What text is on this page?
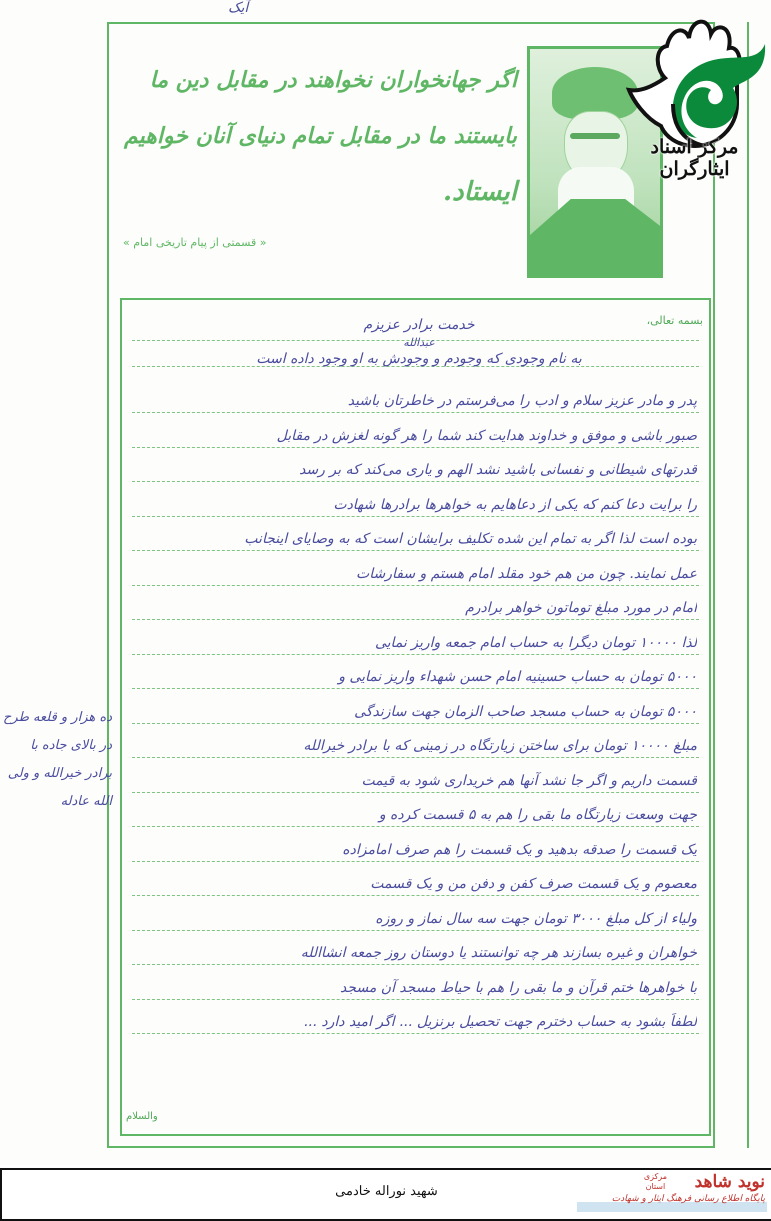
آیک
اگر جهانخواران نخواهند در مقابل دین ما
بایستند ما در مقابل تمام دنیای آنان خواهیم
ایستاد.
« قسمتی از پیام تاریخی امام »
مرکز اسناد ایثارگران
بسمه تعالی،
خدمت برادر عزیزم
عبدالله
به نام وجودی که وجودم و وجودش به او وجود داده است
پدر و مادر عزیز سلام و ادب را می‌فرستم در خاطرتان باشید
صبور باشی و موفق و خداوند هدایت کند شما را هر گونه لغزش در مقابل
قدرتهای شیطانی و نفسانی باشید نشد الهم و یاری می‌کند که بر رسد
را برایت دعا کنم که یکی از دعاهایم به خواهرها برادرها شهادت
بوده است لذا اگر به تمام این شده تکلیف برایشان است که به وصایای اینجانب
عمل نمایند. چون من هم خود مقلد امام هستم و سفارشات
امام در مورد مبلغ توماتون خواهر برادرم
لذا ۱۰۰۰۰ تومان دیگرا به حساب امام جمعه واریز نمایی
۵۰۰۰ تومان به حساب حسینیه امام حسن شهداء واریز نمایی و
۵۰۰۰ تومان به حساب مسجد صاحب الزمان جهت سازندگی
مبلغ ۱۰۰۰۰ تومان برای ساختن زیارتگاه در زمینی که با برادر خیرالله
قسمت داریم و اگر جا نشد آنها هم خریداری شود به قیمت
جهت وسعت زیارتگاه ما بقی را هم به ۵ قسمت کرده و
یک قسمت را صدقه بدهید و یک قسمت را هم صرف امامزاده
معصوم و یک قسمت صرف کفن و دفن من و یک قسمت
ولیاء از کل مبلغ ۳۰۰۰ تومان جهت سه سال نماز و روزه
خواهران و غیره بسازند هر چه توانستند یا دوستان روز جمعه انشاالله
با خواهرها ختم قرآن و ما بقی را هم با حیاط مسجد آن مسجد
لطفاً بشود به حساب دخترم جهت تحصیل برنزیل ... اگر امید دارد ...
والسلام
ده هزار و قلعه طرح در بالای جاده با برادر خیرالله و ولی الله عادله
شهید نوراله خادمی	نوید شاهد
پایگاه اطلاع رسانی فرهنگ ایثار و شهادت
مرکزی
استان
